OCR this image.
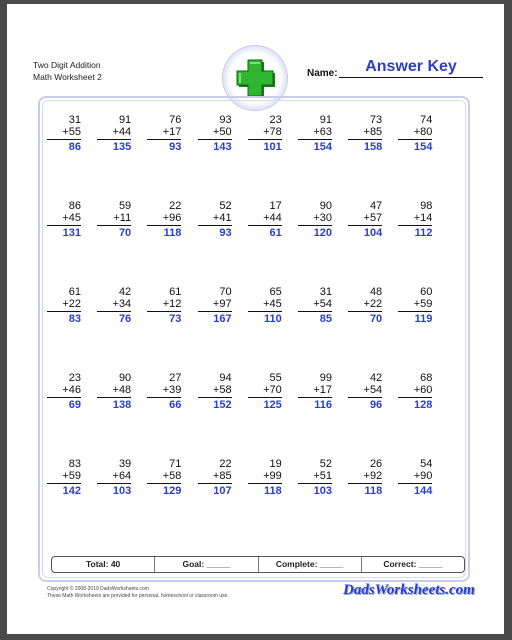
Two Digit Addition
Math Worksheet 2	Name:	Answer Key
31
+55
86
91
+44
135
76
+17
93
93
+50
143
23
+78
101
91
+63
154
73
+85
158
74
+80
154
86
+45
131
59
+11
70
22
+96
118
52
+41
93
17
+44
61
90
+30
120
47
+57
104
98
+14
112
61
+22
83
42
+34
76
61
+12
73
70
+97
167
65
+45
110
31
+54
85
48
+22
70
60
+59
119
23
+46
69
90
+48
138
27
+39
66
94
+58
152
55
+70
125
99
+17
116
42
+54
96
68
+60
128
83
+59
142
39
+64
103
71
+58
129
22
+85
107
19
+99
118
52
+51
103
26
+92
118
54
+90
144
Total: 40	Goal: _____	Complete: _____	Correct: _____
Copyright © 2008-2019 DadsWorksheets.com
These Math Worksheets are provided for personal, homeschool or classroom use.	DadsWorksheets.com
